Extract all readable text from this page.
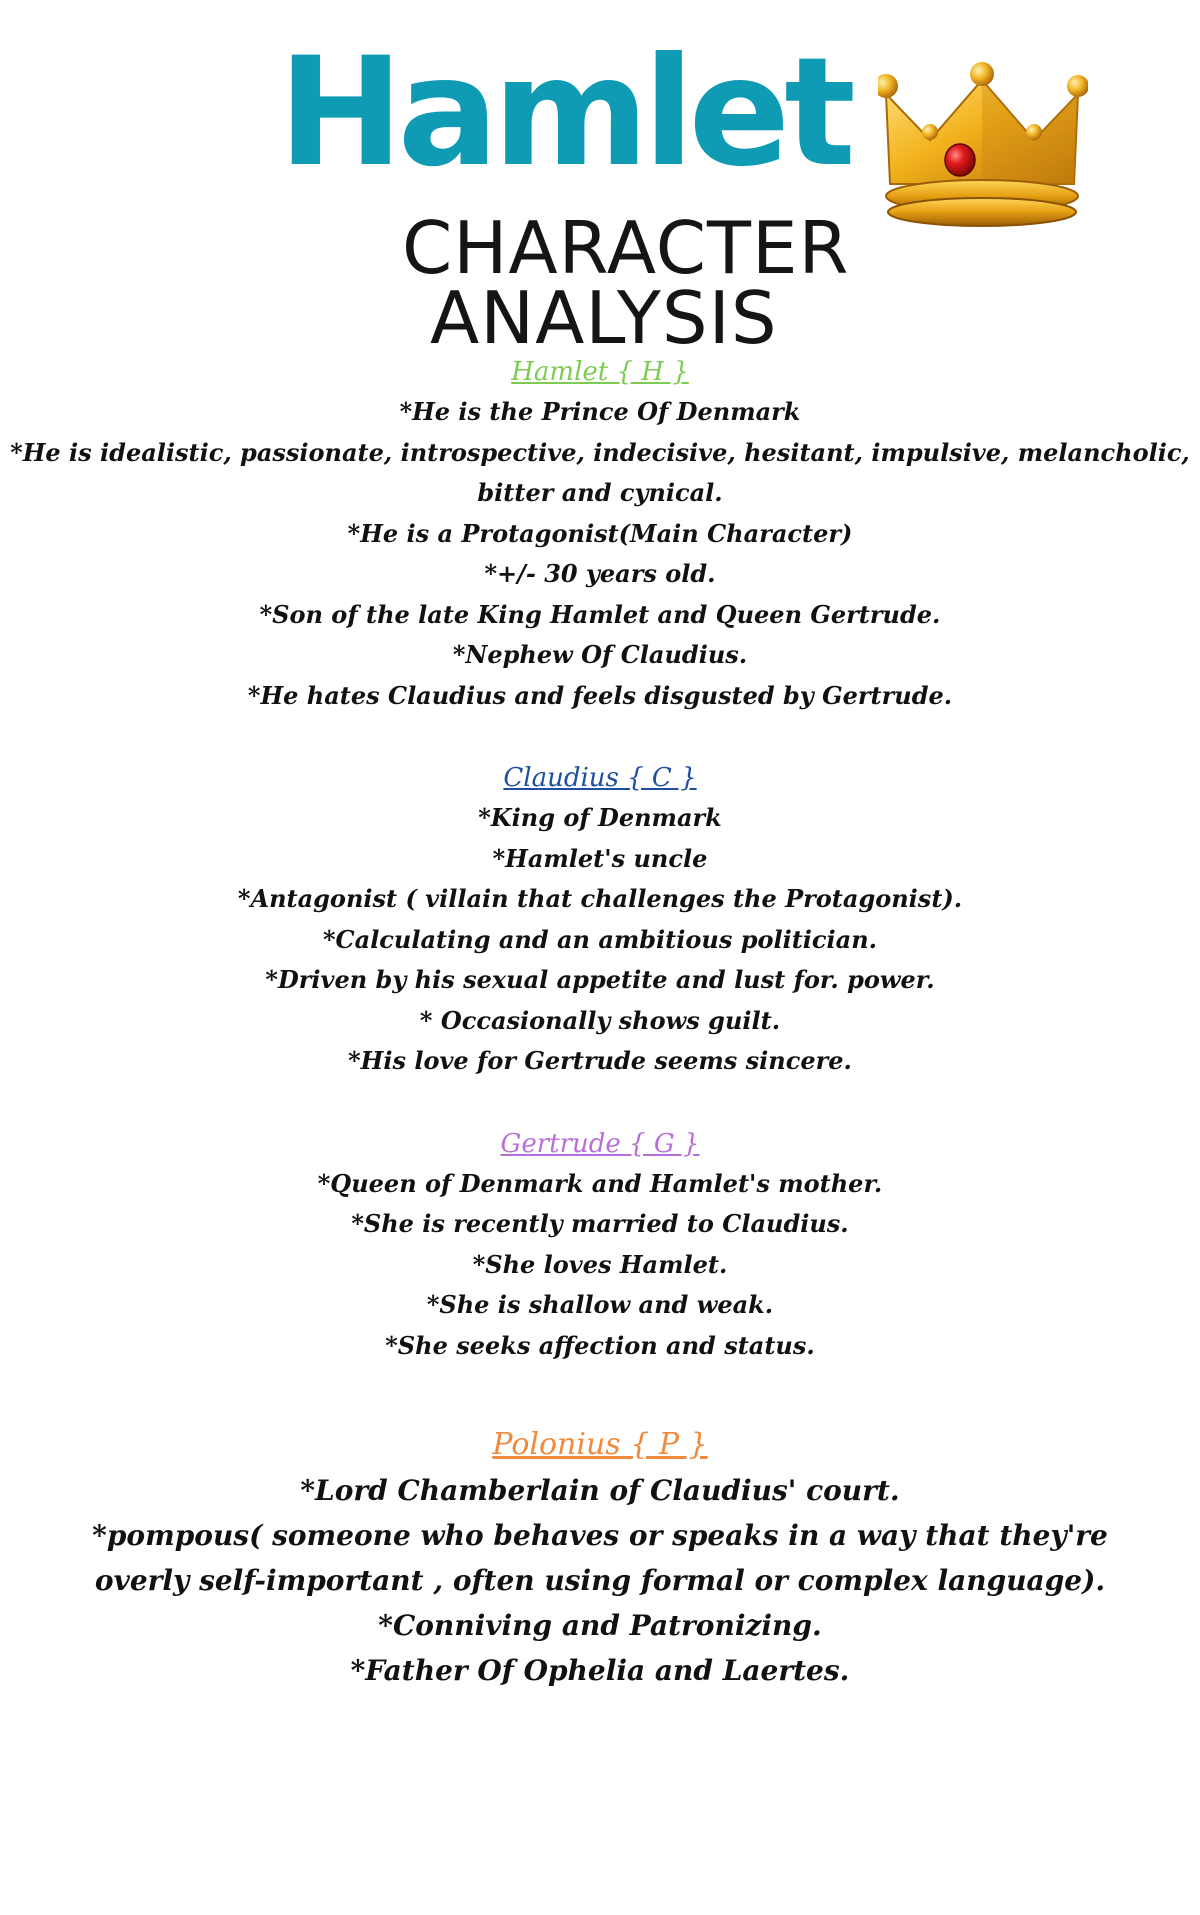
Hamlet
CHARACTER
ANALYSIS
Hamlet { H }
*He is the Prince Of Denmark
*He is idealistic, passionate, introspective, indecisive, hesitant, impulsive, melancholic,
bitter and cynical.
*He is a Protagonist(Main Character)
*+/- 30 years old.
*Son of the late King Hamlet and Queen Gertrude.
*Nephew Of Claudius.
*He hates Claudius and feels disgusted by Gertrude.
Claudius { C }
*King of Denmark
*Hamlet's uncle
*Antagonist ( villain that challenges the Protagonist).
*Calculating and an ambitious politician.
*Driven by his sexual appetite and lust for. power.
* Occasionally shows guilt.
*His love for Gertrude seems sincere.
Gertrude { G }
*Queen of Denmark and Hamlet's mother.
*She is recently married to Claudius.
*She loves Hamlet.
*She is shallow and weak.
*She seeks affection and status.
Polonius { P }
*Lord Chamberlain of Claudius' court.
*pompous( someone who behaves or speaks in a way that they're
overly self-important , often using formal or complex language).
*Conniving and Patronizing.
*Father Of Ophelia and Laertes.
